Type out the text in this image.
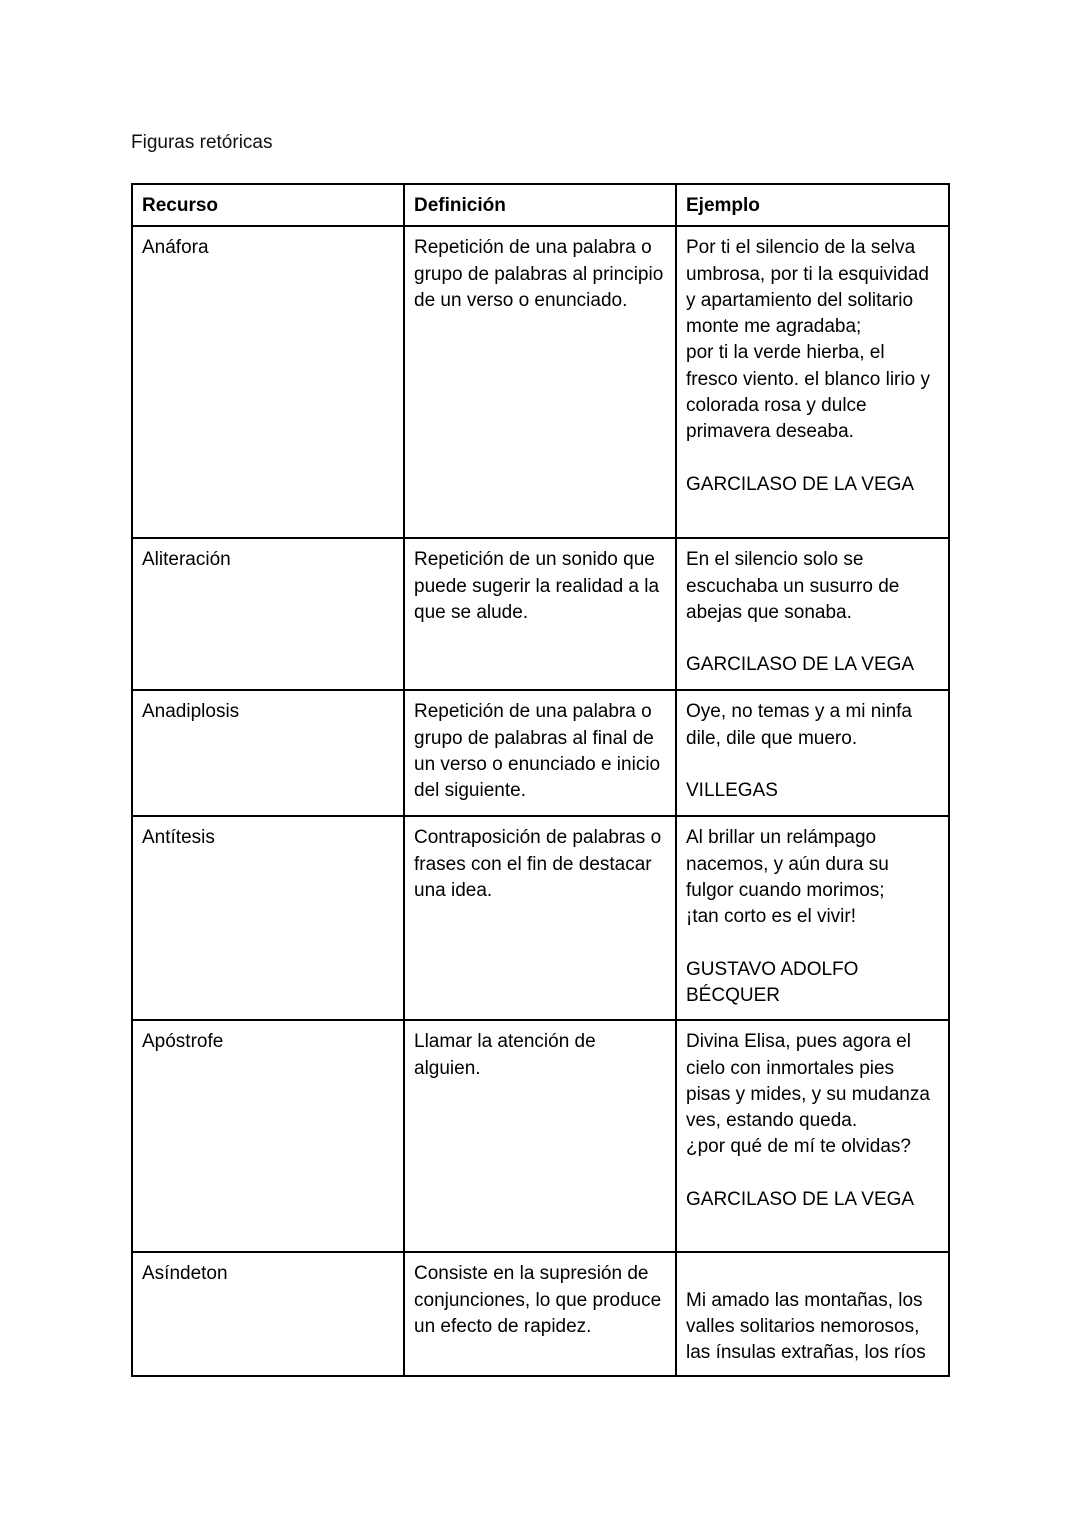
Figuras retóricas
Recurso	Definición	Ejemplo
Anáfora	Repetición de una palabra o grupo de palabras al principio de un verso o enunciado.	Por ti el silencio de la selva umbrosa, por ti la esquividad y apartamiento del solitario monte me agradaba;
por ti la verde hierba, el fresco viento. el blanco lirio y colorada rosa y dulce primavera deseaba.
GARCILASO DE LA VEGA

Aliteración	Repetición de un sonido que puede sugerir la realidad a la que se alude.	En el silencio solo se escuchaba un susurro de abejas que sonaba.
GARCILASO DE LA VEGA

Anadiplosis	Repetición de una palabra o grupo de palabras al final de un verso o enunciado e inicio del siguiente.	Oye, no temas y a mi ninfa dile, dile que muero.
VILLEGAS

Antítesis	Contraposición de palabras o frases con el fin de destacar una idea.	Al brillar un relámpago nacemos, y aún dura su fulgor cuando morimos;
¡tan corto es el vivir!
GUSTAVO ADOLFO BÉCQUER

Apóstrofe	Llamar la atención de alguien.	Divina Elisa, pues agora el cielo con inmortales pies pisas y mides, y su mudanza ves, estando queda.
¿por qué de mí te olvidas?
GARCILASO DE LA VEGA

Asíndeton	Consiste en la supresión de conjunciones, lo que produce un efecto de rapidez.	Mi amado las montañas, los valles solitarios nemorosos, las ínsulas extrañas, los ríos
